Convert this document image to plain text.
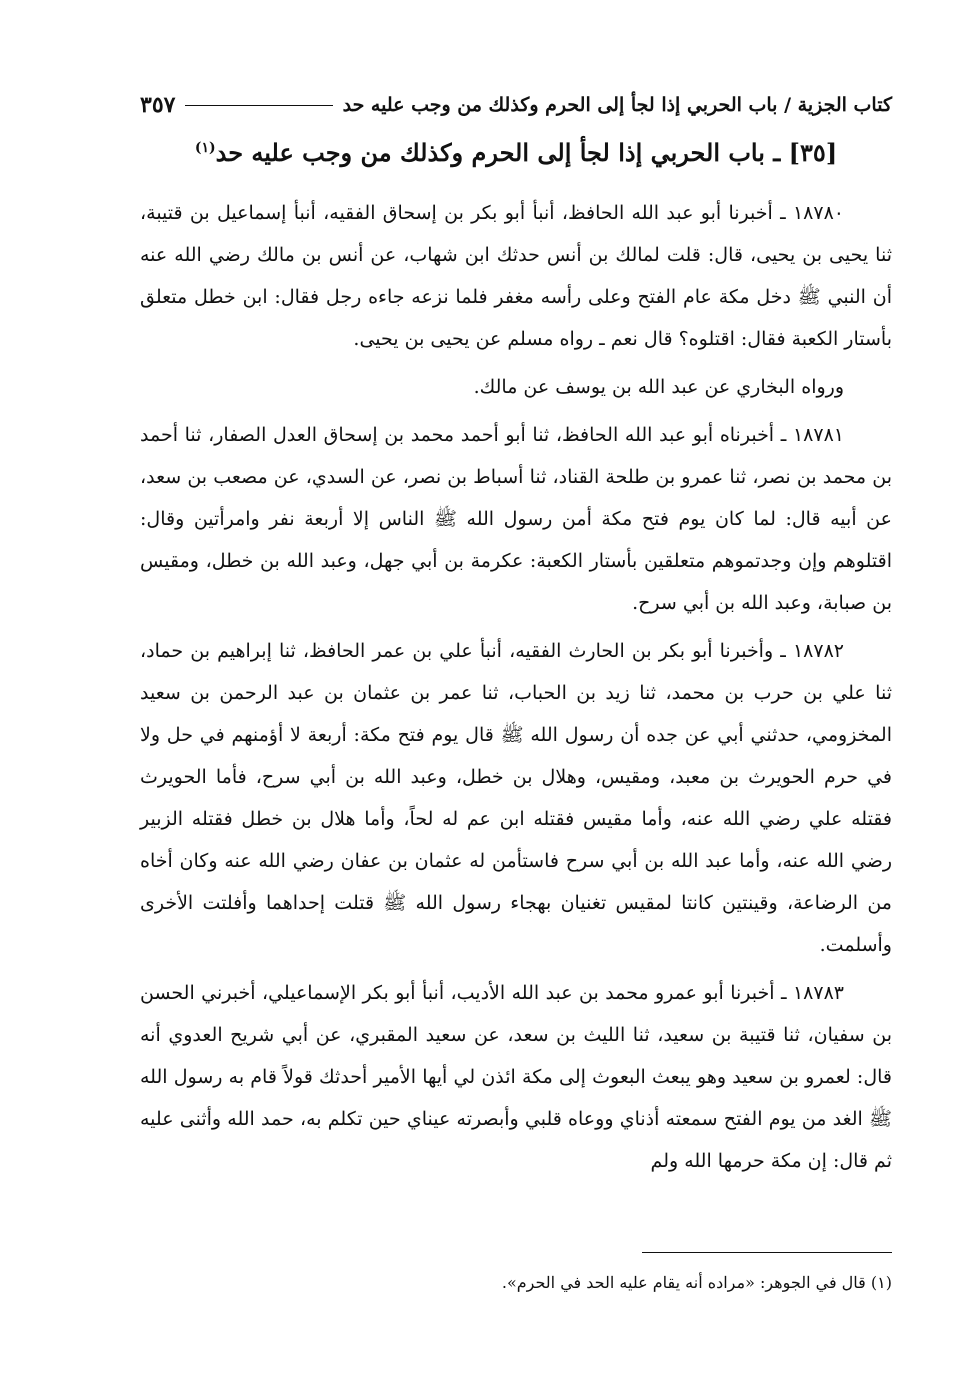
كتاب الجزية / باب الحربي إذا لجأ إلى الحرم وكذلك من وجب عليه حد
٣٥٧
[٣٥] ـ باب الحربي إذا لجأ إلى الحرم وكذلك من وجب عليه حد$^{(١)}$

١٨٧٨٠ ـ أخبرنا أبو عبد الله الحافظ، أنبأ أبو بكر بن إسحاق الفقيه، أنبأ إسماعيل بن قتيبة، ثنا يحيى بن يحيى، قال: قلت لمالك بن أنس حدثك ابن شهاب، عن أنس بن مالك رضي الله عنه أن النبي ﷺ دخل مكة عام الفتح وعلى رأسه مغفر فلما نزعه جاءه رجل فقال: ابن خطل متعلق بأستار الكعبة فقال: اقتلوه؟ قال نعم ـ رواه مسلم عن يحيى بن يحيى.

ورواه البخاري عن عبد الله بن يوسف عن مالك.

١٨٧٨١ ـ أخبرناه أبو عبد الله الحافظ، ثنا أبو أحمد محمد بن إسحاق العدل الصفار، ثنا أحمد بن محمد بن نصر، ثنا عمرو بن طلحة القناد، ثنا أسباط بن نصر، عن السدي، عن مصعب بن سعد، عن أبيه قال: لما كان يوم فتح مكة أمن رسول الله ﷺ الناس إلا أربعة نفر وامرأتين وقال: اقتلوهم وإن وجدتموهم متعلقين بأستار الكعبة: عكرمة بن أبي جهل، وعبد الله بن خطل، ومقيس بن صبابة، وعبد الله بن أبي سرح.

١٨٧٨٢ ـ وأخبرنا أبو بكر بن الحارث الفقيه، أنبأ علي بن عمر الحافظ، ثنا إبراهيم بن حماد، ثنا علي بن حرب بن محمد، ثنا زيد بن الحباب، ثنا عمر بن عثمان بن عبد الرحمن بن سعيد المخزومي، حدثني أبي عن جده أن رسول الله ﷺ قال يوم فتح مكة: أربعة لا أؤمنهم في حل ولا في حرم الحويرث بن معبد، ومقيس، وهلال بن خطل، وعبد الله بن أبي سرح، فأما الحويرث فقتله علي رضي الله عنه، وأما مقيس فقتله ابن عم له لحاً، وأما هلال بن خطل فقتله الزبير رضي الله عنه، وأما عبد الله بن أبي سرح فاستأمن له عثمان بن عفان رضي الله عنه وكان أخاه من الرضاعة، وقينتين كانتا لمقيس تغنيان بهجاء رسول الله ﷺ قتلت إحداهما وأفلتت الأخرى وأسلمت.

١٨٧٨٣ ـ أخبرنا أبو عمرو محمد بن عبد الله الأديب، أنبأ أبو بكر الإسماعيلي، أخبرني الحسن بن سفيان، ثنا قتيبة بن سعيد، ثنا الليث بن سعد، عن سعيد المقبري، عن أبي شريح العدوي أنه قال: لعمرو بن سعيد وهو يبعث البعوث إلى مكة ائذن لي أيها الأمير أحدثك قولاً قام به رسول الله ﷺ الغد من يوم الفتح سمعته أذناي ووعاه قلبي وأبصرته عيناي حين تكلم به، حمد الله وأثنى عليه ثم قال: إن مكة حرمها الله ولم

(١) قال في الجوهر: «مراده أنه يقام عليه الحد في الحرم».
